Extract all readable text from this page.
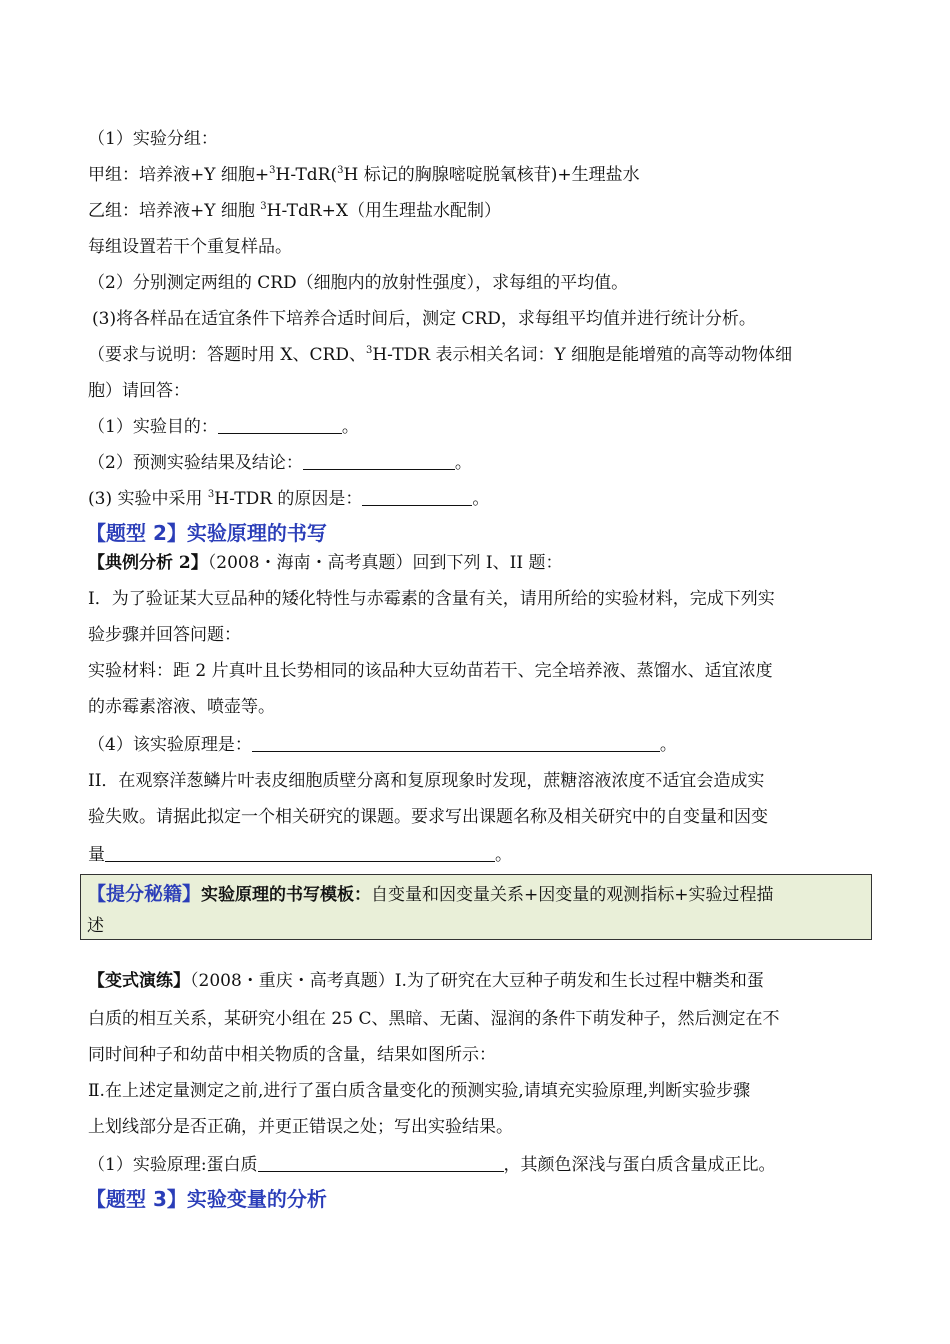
（1）实验分组：
甲组：培养液+Y 细胞+$^3$H-TdR($^3$H 标记的胸腺嘧啶脱氧核苷)+生理盐水
乙组：培养液+Y 细胞 $^3$H-TdR+X（用生理盐水配制）
每组设置若干个重复样品。
（2）分别测定两组的 CRD（细胞内的放射性强度），求每组的平均值。
(3)将各样品在适宜条件下培养合适时间后，测定 CRD，求每组平均值并进行统计分析。
（要求与说明：答题时用 X、CRD、$^3$H-TDR 表示相关名词：Y 细胞是能增殖的高等动物体细
胞）请回答：
（1）实验目的：	。
（2）预测实验结果及结论：	。
(3) 实验中采用 $^3$H-TDR 的原因是：	。
【题型 2】实验原理的书写
【典例分析 2】（2008・海南・高考真题）回到下列 I、II 题：
I．为了验证某大豆品种的矮化特性与赤霉素的含量有关，请用所给的实验材料，完成下列实
验步骤并回答问题：
实验材料：距 2 片真叶且长势相同的该品种大豆幼苗若干、完全培养液、蒸馏水、适宜浓度
的赤霉素溶液、喷壶等。
（4）该实验原理是：	。
II．在观察洋葱鳞片叶表皮细胞质壁分离和复原现象时发现，蔗糖溶液浓度不适宜会造成实
验失败。请据此拟定一个相关研究的课题。要求写出课题名称及相关研究中的自变量和因变
量	。
【提分秘籍】实验原理的书写模板：自变量和因变量关系+因变量的观测指标+实验过程描
述
【变式演练】（2008・重庆・高考真题）I.为了研究在大豆种子萌发和生长过程中糖类和蛋
白质的相互关系，某研究小组在 25 C、黑暗、无菌、湿润的条件下萌发种子，然后测定在不
同时间种子和幼苗中相关物质的含量，结果如图所示：
Ⅱ.在上述定量测定之前,进行了蛋白质含量变化的预测实验,请填充实验原理,判断实验步骤
上划线部分是否正确，并更正错误之处；写出实验结果。
（1）实验原理:蛋白质	，其颜色深浅与蛋白质含量成正比。
【题型 3】实验变量的分析
